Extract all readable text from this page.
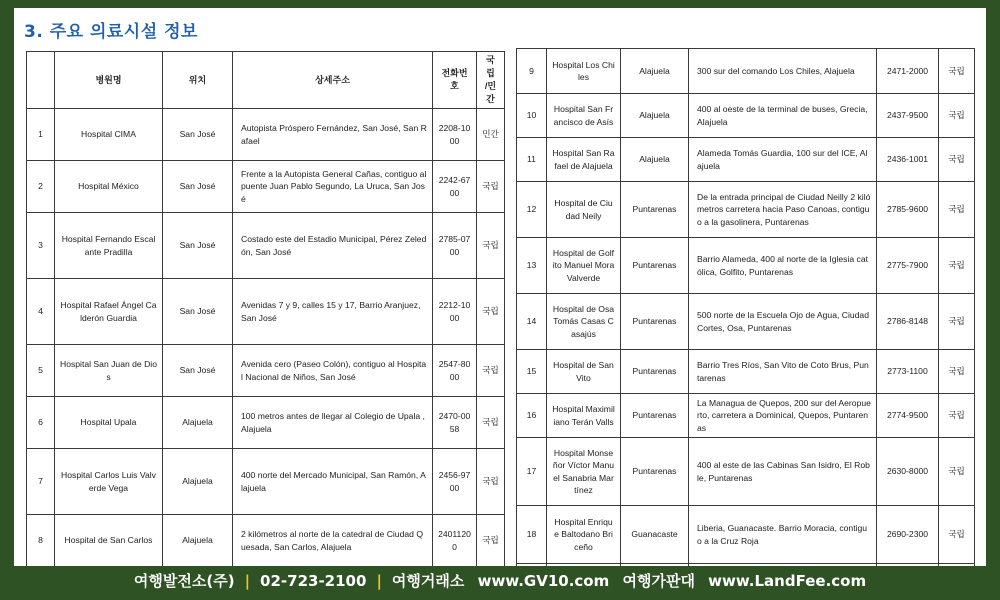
3. 주요 의료시설 정보
	병원명	위치	상세주소	전화번호	국립
/민간
1	Hospital CIMA	San José	Autopista Próspero Fernández, San José, San Rafael	2208-1000	민간
2	Hospital México	San José	Frente a la Autopista General Cañas, contiguo al puente Juan Pablo Segundo, La Uruca, San José	2242-6700	국립
3	Hospital Fernando Escalante Pradilla	San José	Costado este del Estadio Municipal, Pérez Zeledón, San José	2785-0700	국립
4	Hospital Rafael Ángel Calderón Guardia	San José	Avenidas 7 y 9, calles 15 y 17, Barrio Aranjuez, San José	2212-1000	국립
5	Hospital San Juan de Dios	San José	Avenida cero (Paseo Colón), contiguo al Hospital Nacional de Niños, San José	2547-8000	국립
6	Hospital Upala	Alajuela	100 metros antes de llegar al Colegio de Upala , Alajuela	2470-0058	국립
7	Hospital Carlos Luis Valverde Vega	Alajuela	400 norte del Mercado Municipal, San Ramón, Alajuela	2456-9700	국립
8	Hospital de San Carlos	Alajuela	2 kilómetros al norte de la catedral de Ciudad Quesada, San Carlos, Alajuela	24011200	국립

9	Hospital Los Chiles	Alajuela	300 sur del comando Los Chiles, Alajuela	2471-2000	국립
10	Hospital San Francisco de Asís	Alajuela	400 al oeste de la terminal de buses, Grecia, Alajuela	2437-9500	국립
11	Hospital San Rafael de Alajuela	Alajuela	Alameda Tomás Guardia, 100 sur del ICE, Alajuela	2436-1001	국립
12	Hospital de Ciudad Neily	Puntarenas	De la entrada principal de Ciudad Neilly 2 kilómetros carretera hacia Paso Canoas, contiguo a la gasolinera, Puntarenas	2785-9600	국립
13	Hospital de Golfito Manuel Mora Valverde	Puntarenas	Barrio Alameda, 400 al norte de la Iglesia católica, Golfito, Puntarenas	2775-7900	국립
14	Hospital de Osa Tomás Casas Casajús	Puntarenas	500 norte de la Escuela Ojo de Agua, Ciudad Cortes, Osa, Puntarenas	2786-8148	국립
15	Hospital de San Vito	Puntarenas	Barrio Tres Ríos, San Vito de Coto Brus, Puntarenas	2773-1100	국립
16	Hospital Maximiliano Terán Valls	Puntarenas	La Managua de Quepos, 200 sur del Aeropuerto, carretera a Dominical, Quepos, Puntarenas	2774-9500	국립
17	Hospital Monseñor Víctor Manuel Sanabria Martínez	Puntarenas	400 al este de las Cabinas San Isidro, El Roble, Puntarenas	2630-8000	국립
18	Hospital Enrique Baltodano Briceño	Guanacaste	Liberia, Guanacaste. Barrio Moracia, contiguo a la Cruz Roja	2690-2300	국립

여행발전소(주) | 02-723-2100 | 여행거래소 www.GV10.com 여행가판대 www.LandFee.com
